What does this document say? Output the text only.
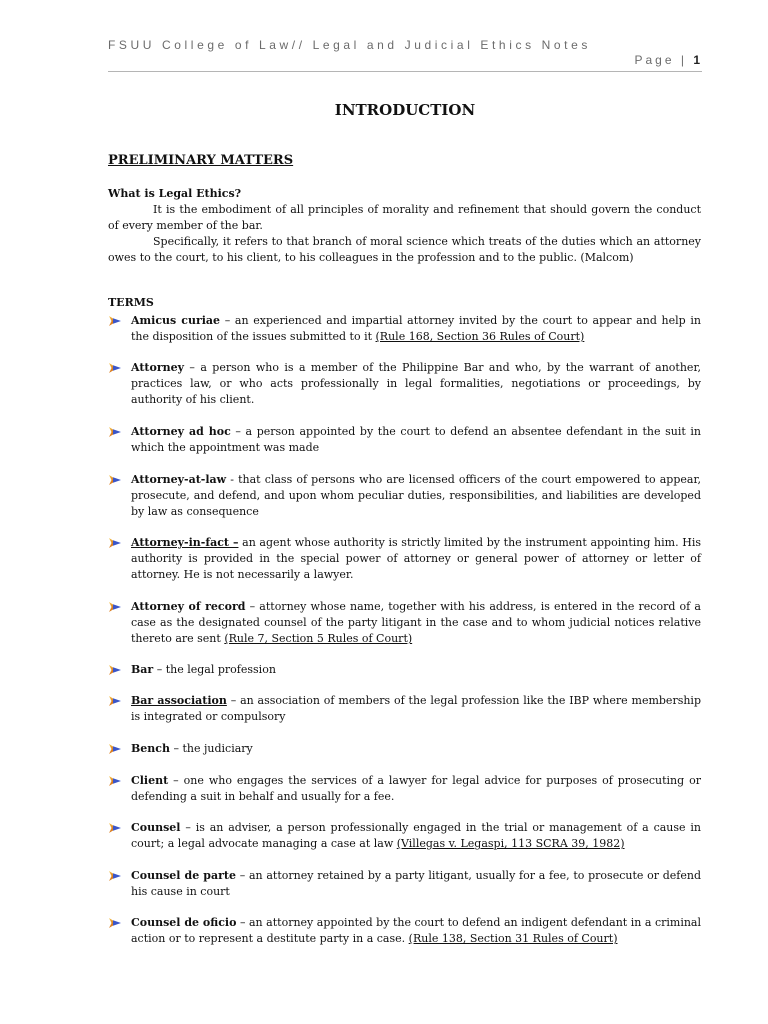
FSUU College of Law// Legal and Judicial Ethics Notes
Page | 1
INTRODUCTION
PRELIMINARY MATTERS
What is Legal Ethics?
It is the embodiment of all principles of morality and refinement that should govern the conduct of every member of the bar.
Specifically, it refers to that branch of moral science which treats of the duties which an attorney owes to the court, to his client, to his colleagues in the profession and to the public. (Malcom)
TERMS
Amicus curiae – an experienced and impartial attorney invited by the court to appear and help in the disposition of the issues submitted to it (Rule 168, Section 36 Rules of Court)
Attorney – a person who is a member of the Philippine Bar and who, by the warrant of another, practices law, or who acts professionally in legal formalities, negotiations or proceedings, by authority of his client.
Attorney ad hoc – a person appointed by the court to defend an absentee defendant in the suit in which the appointment was made
Attorney-at-law - that class of persons who are licensed officers of the court empowered to appear, prosecute, and defend, and upon whom peculiar duties, responsibilities, and liabilities are developed by law as consequence
Attorney-in-fact – an agent whose authority is strictly limited by the instrument appointing him. His authority is provided in the special power of attorney or general power of attorney or letter of attorney. He is not necessarily a lawyer.
Attorney of record – attorney whose name, together with his address, is entered in the record of a case as the designated counsel of the party litigant in the case and to whom judicial notices relative thereto are sent (Rule 7, Section 5 Rules of Court)
Bar – the legal profession
Bar association – an association of members of the legal profession like the IBP where membership is integrated or compulsory
Bench – the judiciary
Client – one who engages the services of a lawyer for legal advice for purposes of prosecuting or defending a suit in behalf and usually for a fee.
Counsel – is an adviser, a person professionally engaged in the trial or management of a cause in court; a legal advocate managing a case at law (Villegas v. Legaspi, 113 SCRA 39, 1982)
Counsel de parte – an attorney retained by a party litigant, usually for a fee, to prosecute or defend his cause in court
Counsel de oficio – an attorney appointed by the court to defend an indigent defendant in a criminal action or to represent a destitute party in a case. (Rule 138, Section 31 Rules of Court)
